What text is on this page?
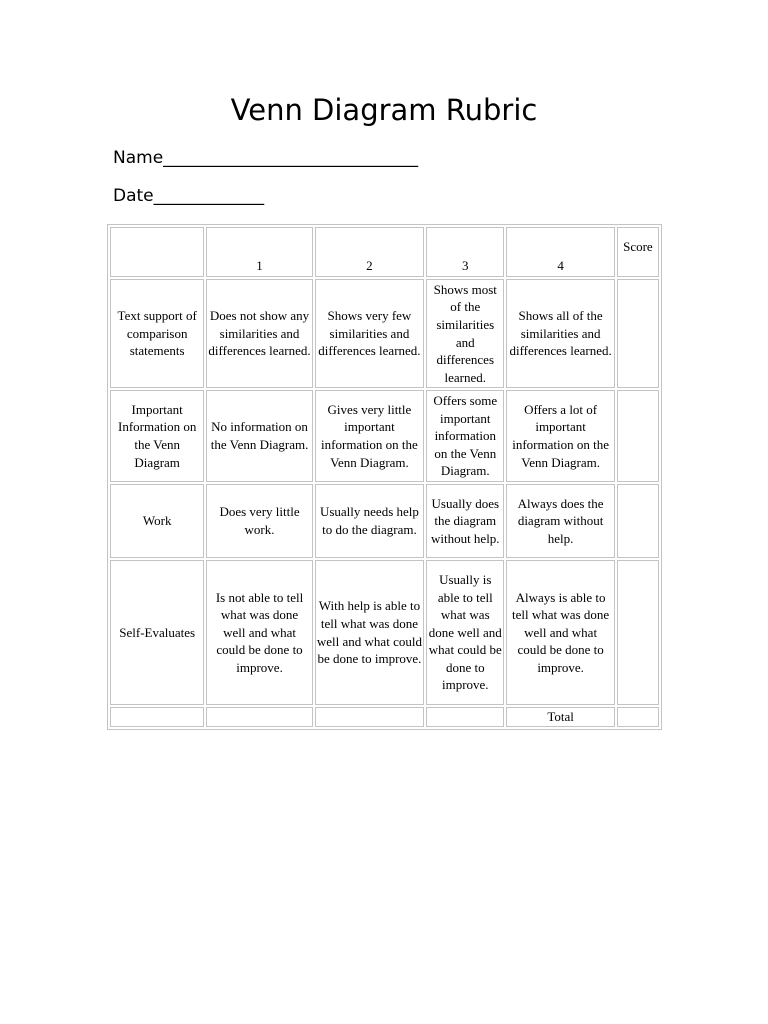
Venn Diagram Rubric
Name______________________________
Date_____________
	1	2	3	4	Score
Text support of comparison statements	Does not show any similarities and differences learned.	Shows very few similarities and differences learned.	Shows most of the similarities and differences learned.	Shows all of the similarities and differences learned.	
Important Information on the Venn Diagram	No information on the Venn Diagram.	Gives very little important information on the Venn Diagram.	Offers some important information on the Venn Diagram.	Offers a lot of important information on the Venn Diagram.	
Work	Does very little work.	Usually needs help to do the diagram.	Usually does the diagram without help.	Always does the diagram without help.	
Self-Evaluates	Is not able to tell what was done well and what could be done to improve.	With help is able to tell what was done well and what could be done to improve.	Usually is able to tell what was done well and what could be done to improve.	Always is able to tell what was done well and what could be done to improve.	
				Total	
